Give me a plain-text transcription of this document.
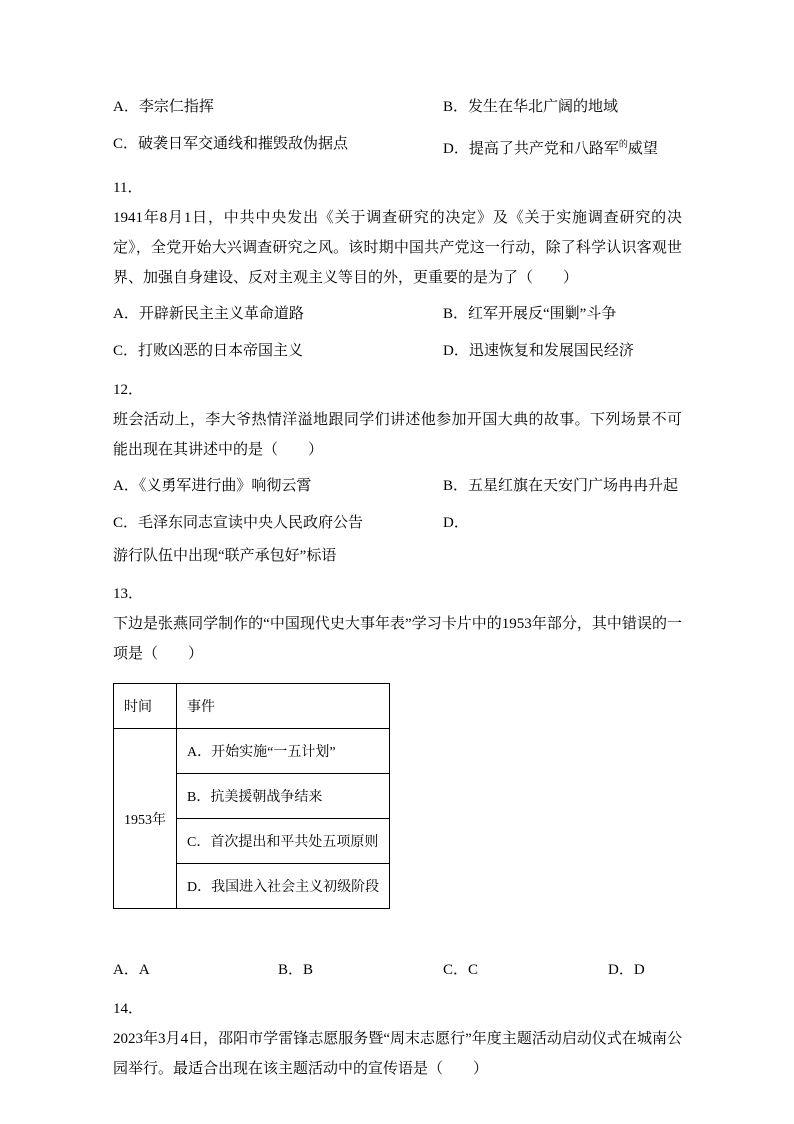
A．李宗仁指挥	B．发生在华北广阔的地域
C．破袭日军交通线和摧毁敌伪据点	D．提高了共产党和八路军$^的$威望
11．

1941年8月1日，中共中央发出《关于调查研究的决定》及《关于实施调查研究的决定》，全党开始大兴调查研究之风。该时期中国共产党这一行动，除了科学认识客观世界、加强自身建设、反对主观主义等目的外，更重要的是为了（　　）

A．开辟新民主主义革命道路	B．红军开展反“围剿”斗争
C．打败凶恶的日本帝国主义	D．迅速恢复和发展国民经济
12．

班会活动上，李大爷热情洋溢地跟同学们讲述他参加开国大典的故事。下列场景不可能出现在其讲述中的是（　　）

A．《义勇军进行曲》响彻云霄	B．五星红旗在天安门广场冉冉升起
C．毛泽东同志宣读中央人民政府公告	D．

游行队伍中出现“联产承包好”标语

13．

下边是张燕同学制作的“中国现代史大事年表”学习卡片中的1953年部分，其中错误的一项是（　　）

时间	事件
1953年	A．开始实施“一五计划”
	B．抗美援朝战争结来
	C．首次提出和平共处五项原则
	D．我国进入社会主义初级阶段
A．A	B．B	C．C	D．D
14．

2023年3月4日，邵阳市学雷锋志愿服务暨“周末志愿行”年度主题活动启动仪式在城南公园举行。最适合出现在该主题活动中的宣传语是（　　）
